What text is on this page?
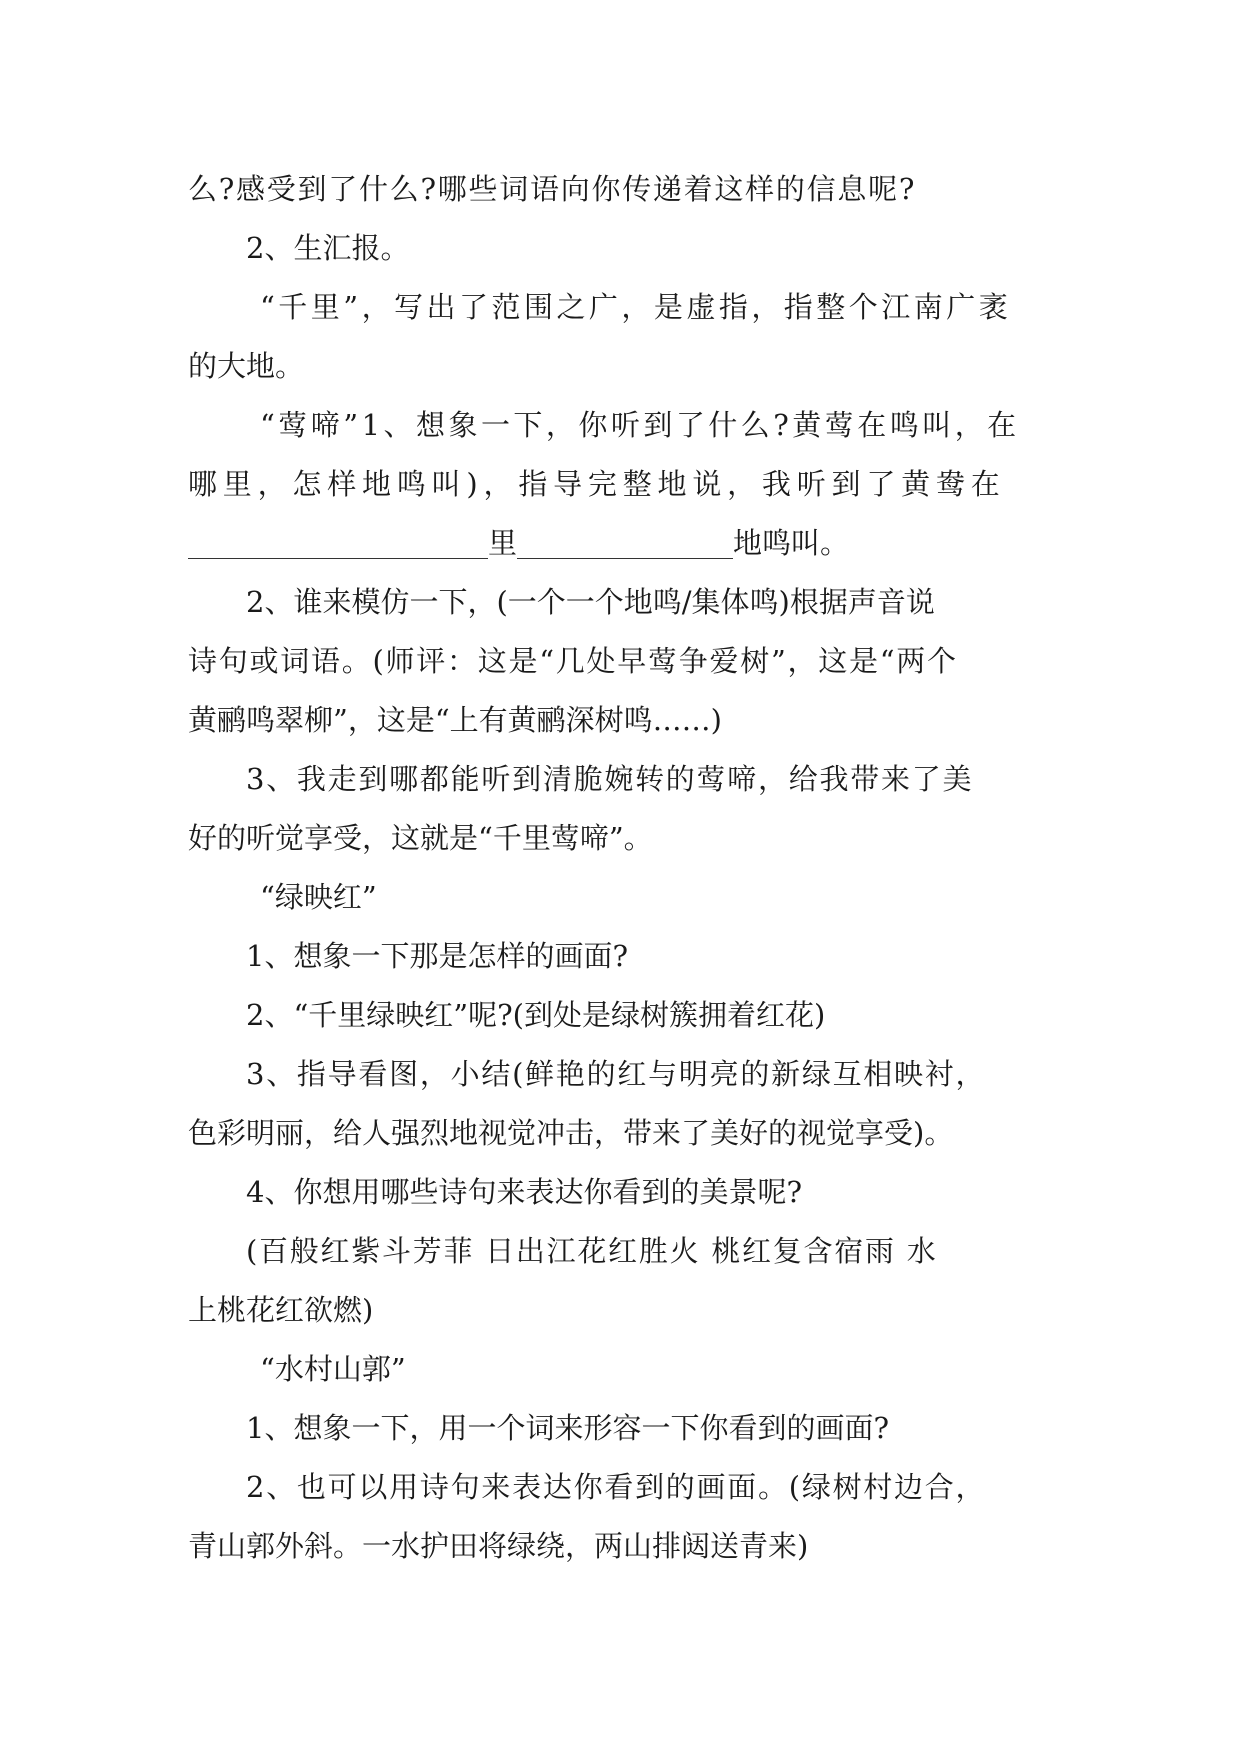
么?感受到了什么?哪些词语向你传递着这样的信息呢?
2、生汇报。
“千里”，写出了范围之广，是虚指，指整个江南广袤
的大地。
“莺啼”1、想象一下，你听到了什么?黄莺在鸣叫，在
哪里，怎样地鸣叫)，指导完整地说，我听到了黄鸯在
里	地鸣叫。
2、谁来模仿一下，(一个一个地鸣/集体鸣)根据声音说
诗句或词语。(师评：这是“几处早莺争爱树”，这是“两个
黄鹂鸣翠柳”，这是“上有黄鹂深树鸣……)
3、我走到哪都能听到清脆婉转的莺啼，给我带来了美
好的听觉享受，这就是“千里莺啼”。
“绿映红”
1、想象一下那是怎样的画面?
2、“千里绿映红”呢?(到处是绿树簇拥着红花)
3、指导看图，小结(鲜艳的红与明亮的新绿互相映衬，
色彩明丽，给人强烈地视觉冲击，带来了美好的视觉享受)。
4、你想用哪些诗句来表达你看到的美景呢?
(百般红紫斗芳菲 日出江花红胜火 桃红复含宿雨 水
上桃花红欲燃)
“水村山郭”
1、想象一下，用一个词来形容一下你看到的画面?
2、也可以用诗句来表达你看到的画面。(绿树村边合，
青山郭外斜。一水护田将绿绕，两山排闼送青来)
